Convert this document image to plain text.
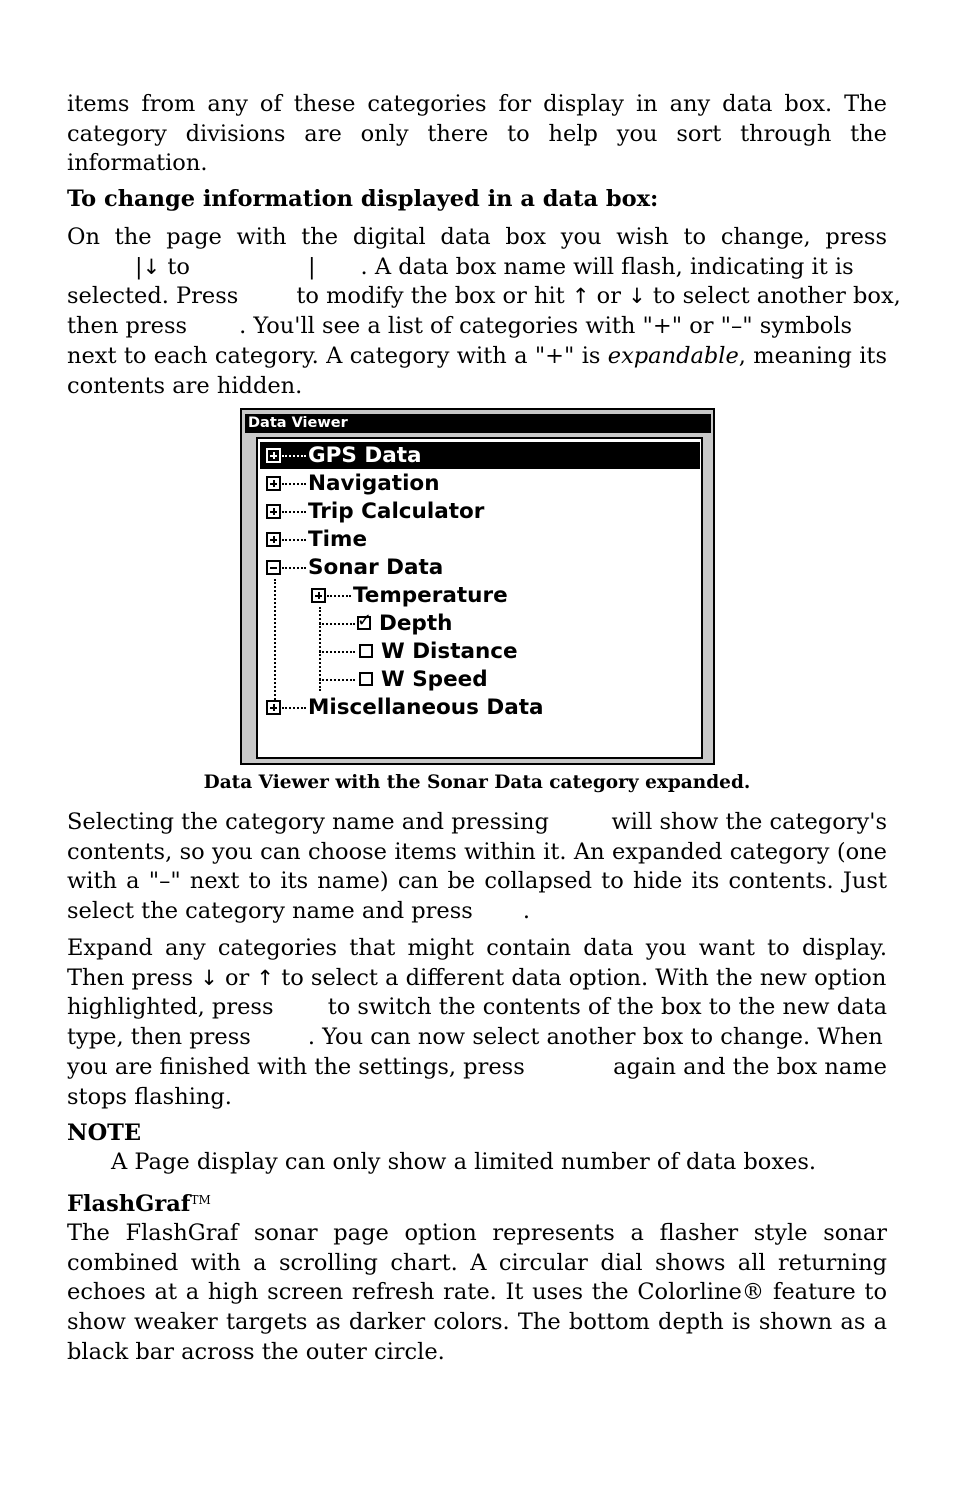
items from any of these categories for display in any data box. The
category divisions are only there to help you sort through the
information.
To change information displayed in a data box:
On the page with the digital data box you wish to change, press
|↓ to	| . A data box name will flash, indicating it is
selected. Press	to modify the box or hit ↑ or ↓ to select another box,
then press . You'll see a list of categories with "+" or "–" symbols
next to each category. A category with a "+" is expandable, meaning its
contents are hidden.
Data Viewer
GPS Data
Navigation
Trip Calculator
Time
Sonar Data
Temperature
✓ Depth
W Distance
W Speed
Miscellaneous Data
Data Viewer with the Sonar Data category expanded.
Selecting the category name and pressing	will show the category's
contents, so you can choose items within it. An expanded category (one
with a "–" next to its name) can be collapsed to hide its contents. Just
select the category name and press .
Expand any categories that might contain data you want to display.
Then press ↓ or ↑ to select a different data option. With the new option
highlighted, press to switch the contents of the box to the new data
type, then press	. You can now select another box to change. When
you are finished with the settings, press	again and the box name
stops flashing.
NOTE
A Page display can only show a limited number of data boxes.
FlashGraf™
The FlashGraf sonar page option represents a flasher style sonar
combined with a scrolling chart. A circular dial shows all returning
echoes at a high screen refresh rate. It uses the Colorline® feature to
show weaker targets as darker colors. The bottom depth is shown as a
black bar across the outer circle.
